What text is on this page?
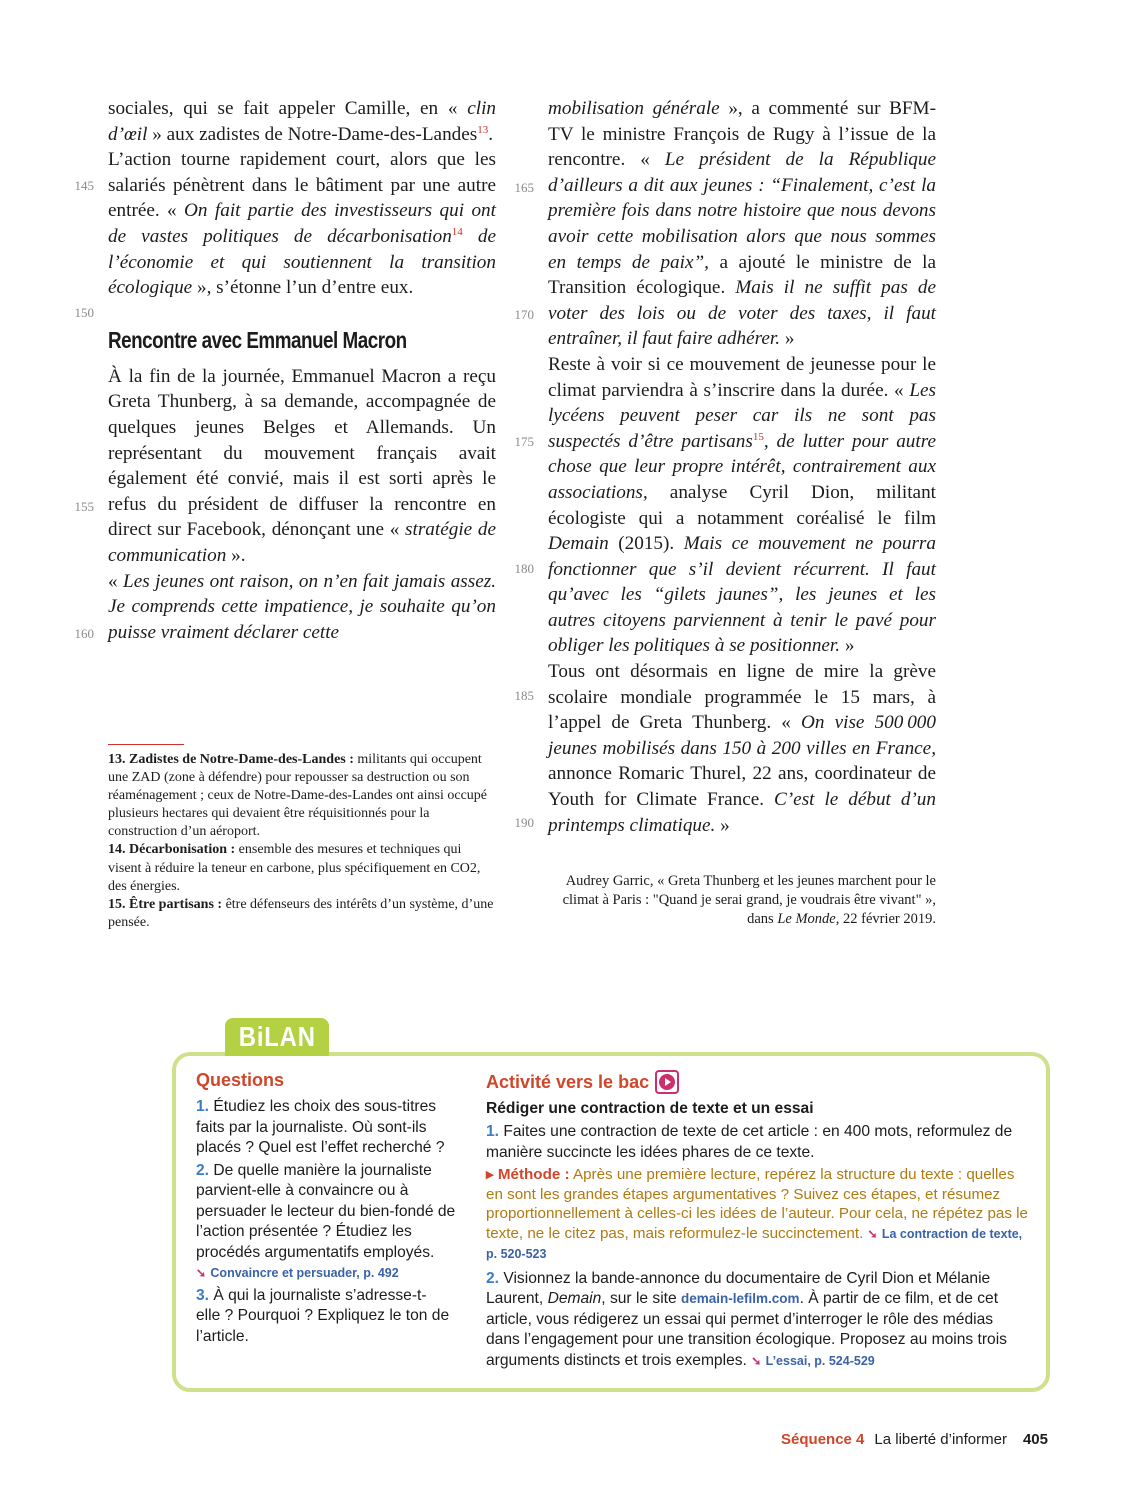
sociales, qui se fait appeler Camille, en « clin d’œil » aux zadistes de Notre-Dame-des-Landes$^{13}$.

L’action tourne rapidement court, alors que les salariés pénètrent dans le bâtiment par une autre entrée. « On fait partie des investisseurs qui ont de vastes politiques de décarbonisation$^{14}$ de l’économie et qui soutiennent la transition écologique », s’étonne l’un d’entre eux.

Rencontre avec Emmanuel Macron

À la fin de la journée, Emmanuel Macron a reçu Greta Thunberg, à sa demande, accompagnée de quelques jeunes Belges et Allemands. Un représentant du mouvement français avait également été convié, mais il est sorti après le refus du président de diffuser la rencontre en direct sur Facebook, dénonçant une « stratégie de communication ».

« Les jeunes ont raison, on n’en fait jamais assez. Je comprends cette impatience, je souhaite qu’on puisse vraiment déclarer cette

145
150
155
160

mobilisation générale », a commenté sur BFM-TV le ministre François de Rugy à l’issue de la rencontre. « Le président de la République d’ailleurs a dit aux jeunes : “Finalement, c’est la première fois dans notre histoire que nous devons avoir cette mobilisation alors que nous sommes en temps de paix”, a ajouté le ministre de la Transition écologique. Mais il ne suffit pas de voter des lois ou de voter des taxes, il faut entraîner, il faut faire adhérer. »

Reste à voir si ce mouvement de jeunesse pour le climat parviendra à s’inscrire dans la durée. « Les lycéens peuvent peser car ils ne sont pas suspectés d’être partisans$^{15}$, de lutter pour autre chose que leur propre intérêt, contrairement aux associations, analyse Cyril Dion, militant écologiste qui a notamment coréalisé le film Demain (2015). Mais ce mouvement ne pourra fonctionner que s’il devient récurrent. Il faut qu’avec les “gilets jaunes”, les jeunes et les autres citoyens parviennent à tenir le pavé pour obliger les politiques à se positionner. »

Tous ont désormais en ligne de mire la grève scolaire mondiale programmée le 15 mars, à l’appel de Greta Thunberg. « On vise 500 000 jeunes mobilisés dans 150 à 200 villes en France, annonce Romaric Thurel, 22 ans, coordinateur de Youth for Climate France. C’est le début d’un printemps climatique. »

165
170
175
180
185
190

13. Zadistes de Notre-Dame-des-Landes : militants qui occupent une ZAD (zone à défendre) pour repousser sa destruction ou son réaménagement ; ceux de Notre-Dame-des-Landes ont ainsi occupé plusieurs hectares qui devaient être réquisitionnés pour la construction d’un aéroport.

14. Décarbonisation : ensemble des mesures et techniques qui visent à réduire la teneur en carbone, plus spécifiquement en CO2, des énergies.

15. Être partisans : être défenseurs des intérêts d’un système, d’une pensée.

Audrey Garric, « Greta Thunberg et les jeunes marchent pour le climat à Paris : "Quand je serai grand, je voudrais être vivant" », dans Le Monde, 22 février 2019.
BiLAN
Questions

1. Étudiez les choix des sous-titres faits par la journaliste. Où sont-ils placés ? Quel est l’effet recherché ?

2. De quelle manière la journaliste parvient-elle à convaincre ou à persuader le lecteur du bien-fondé de l’action présentée ? Étudiez les procédés argumentatifs employés.
➘ Convaincre et persuader, p. 492

3. À qui la journaliste s’adresse-t-elle ? Pourquoi ? Expliquez le ton de l’article.

Activité vers le bac

Rédiger une contraction de texte et un essai

1. Faites une contraction de texte de cet article : en 400 mots, reformulez de manière succincte les idées phares de ce texte.

▸ Méthode : Après une première lecture, repérez la structure du texte : quelles en sont les grandes étapes argumentatives ? Suivez ces étapes, et résumez proportionnellement à celles-ci les idées de l’auteur. Pour cela, ne répétez pas le texte, ne le citez pas, mais reformulez-le succinctement. ➘ La contraction de texte, p. 520-523

2. Visionnez la bande-annonce du documentaire de Cyril Dion et Mélanie Laurent, Demain, sur le site demain-lefilm.com. À partir de ce film, et de cet article, vous rédigerez un essai qui permet d’interroger le rôle des médias dans l’engagement pour une transition écologique. Proposez au moins trois arguments distincts et trois exemples. ➘ L’essai, p. 524-529

Séquence 4 La liberté d’informer 405
